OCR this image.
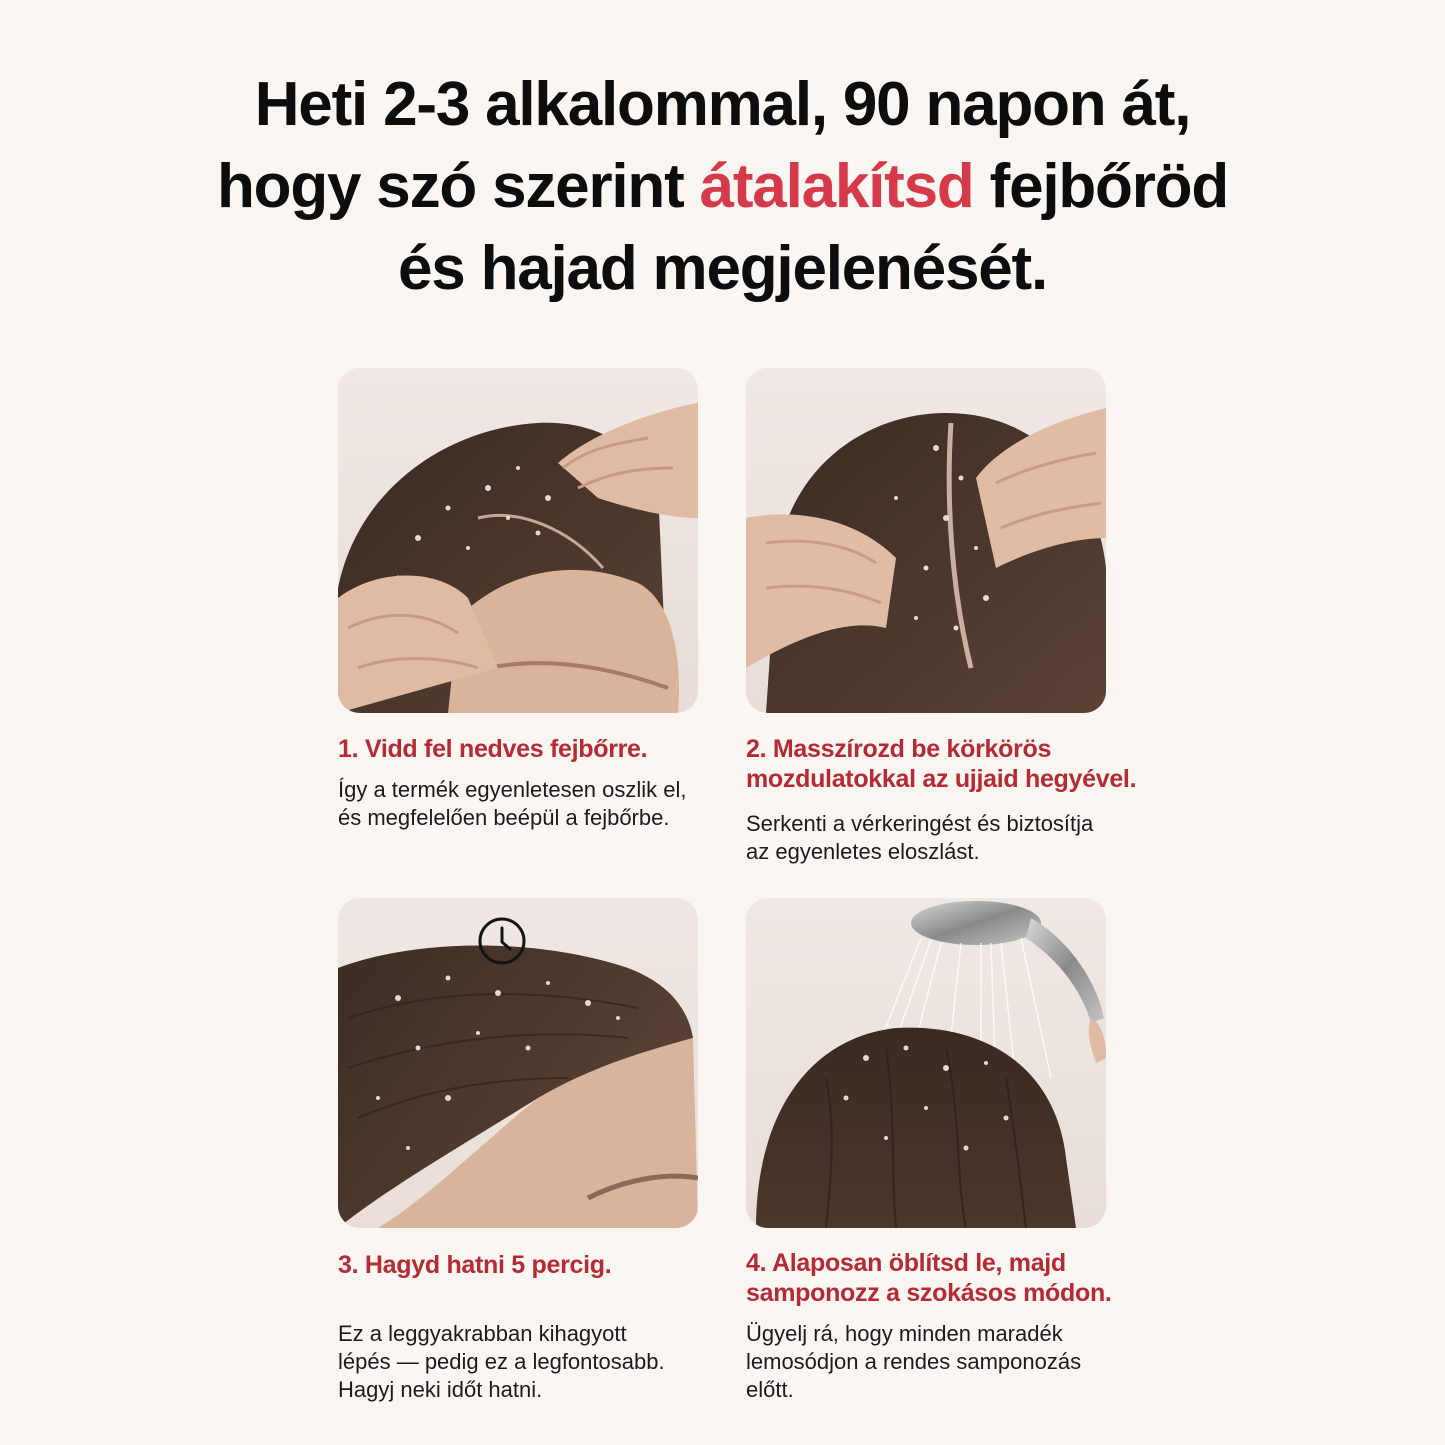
Heti 2-3 alkalommal, 90 napon át,
hogy szó szerint átalakítsd fejbőröd
és hajad megjelenését.
1. Vidd fel nedves fejbőrre.

Így a termék egyenletesen oszlik el,
és megfelelően beépül a fejbőrbe.

2. Masszírozd be körkörös
mozdulatokkal az ujjaid hegyével.

Serkenti a vérkeringést és biztosítja
az egyenletes eloszlást.

3. Hagyd hatni 5 percig.

Ez a leggyakrabban kihagyott
lépés — pedig ez a legfontosabb.
Hagyj neki időt hatni.

4. Alaposan öblítsd le, majd
samponozz a szokásos módon.

Ügyelj rá, hogy minden maradék
lemosódjon a rendes samponozás
előtt.
